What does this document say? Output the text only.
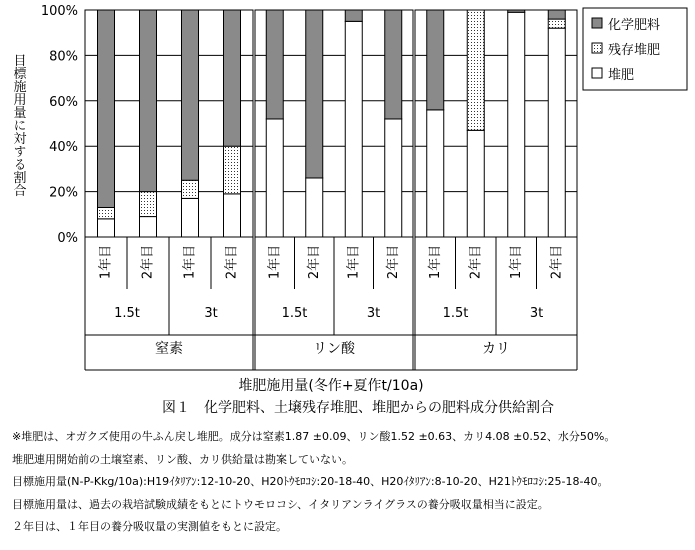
0%
20%
40%
60%
80%
100%
1.5t
1年目 2年目
3t
1年目 2年目
窒素
1.5t
1年目 2年目
3t
1年目 2年目
リン酸
1.5t
1年目 2年目
3t
1年目 2年目
カリ
化学肥料
残存堆肥
堆肥
目標施用量に対する割合
堆肥施用量(冬作+夏作t/10a)
図１　化学肥料、土壌残存堆肥、堆肥からの肥料成分供給割合
※堆肥は、オガクズ使用の牛ふん戻し堆肥。成分は窒素1.87 ±0.09、リン酸1.52 ±0.63、カリ4.08 ±0.52、水分50%。
堆肥連用開始前の土壌窒素、リン酸、カリ供給量は勘案していない。
目標施用量(N-P-Kkg/10a):H19ｲﾀﾘｱﾝ:12-10-20、H20ﾄｳﾓﾛｺｼ:20-18-40、H20ｲﾀﾘｱﾝ:8-10-20、H21ﾄｳﾓﾛｺｼ:25-18-40。
目標施用量は、過去の栽培試験成績をもとにトウモロコシ、イタリアンライグラスの養分吸収量相当に設定。
２年目は、１年目の養分吸収量の実測値をもとに設定。
